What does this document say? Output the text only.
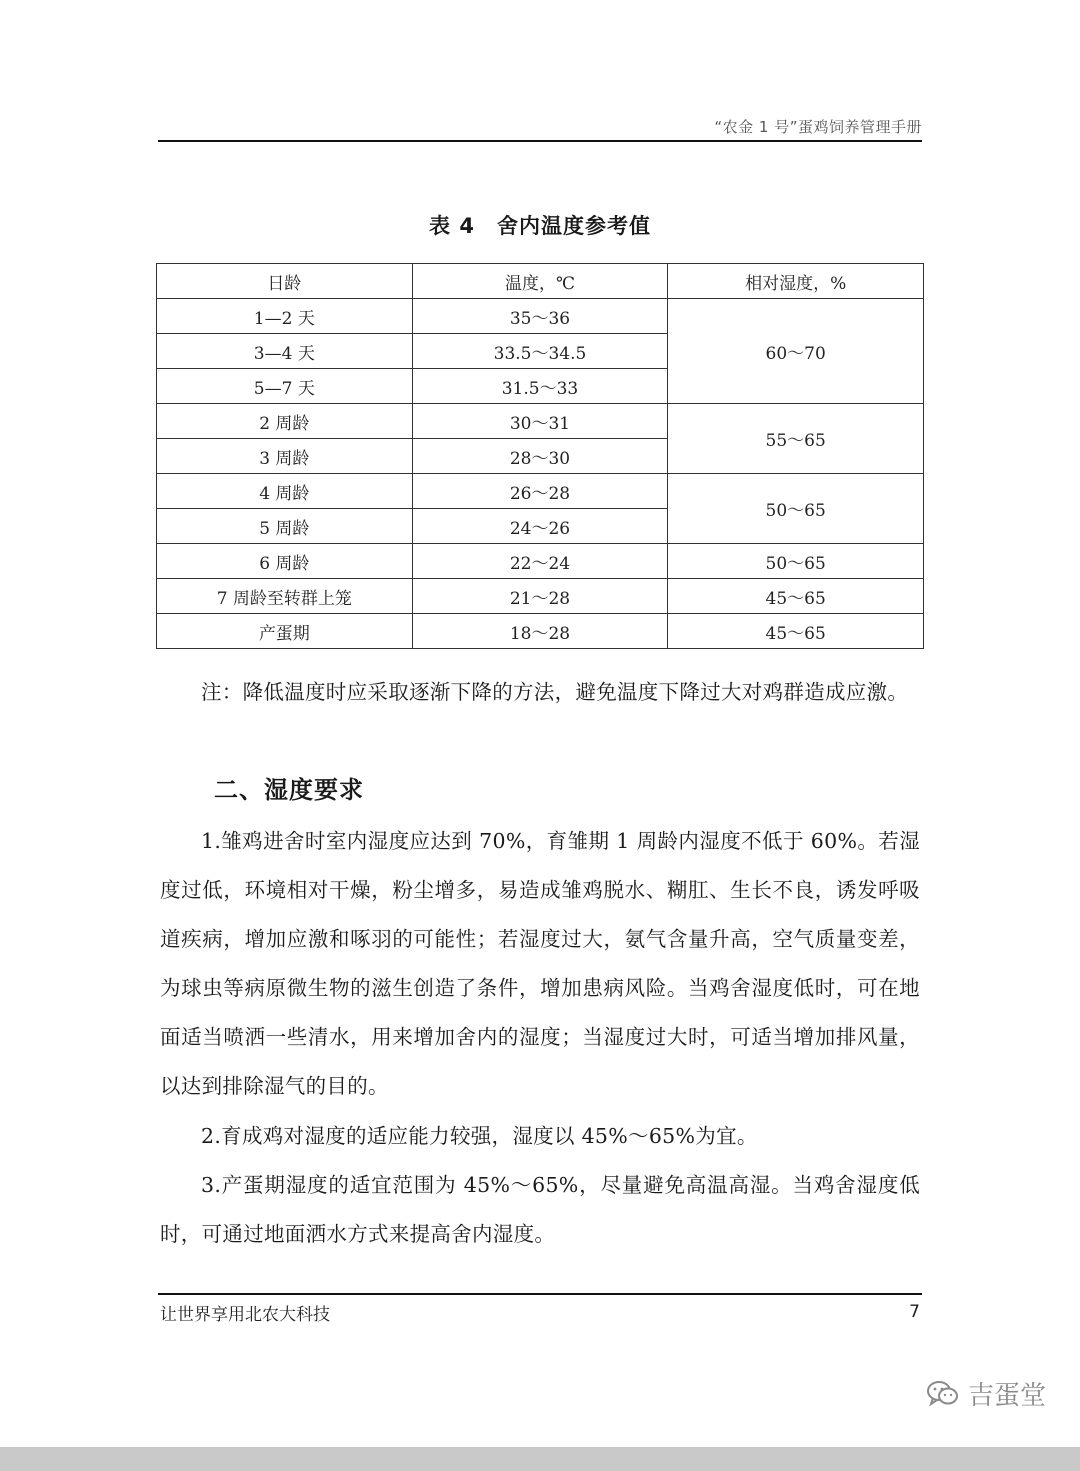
“农金 1 号”蛋鸡饲养管理手册
表 4 舍内温度参考值
日龄	温度，℃	相对湿度，%
1—2 天	35～36	60～70
3—4 天	33.5～34.5	
5—7 天	31.5～33	
2 周龄	30～31	55～65
3 周龄	28～30	
4 周龄	26～28	50～65
5 周龄	24～26	
6 周龄	22～24	50～65
7 周龄至转群上笼	21～28	45～65
产蛋期	18～28	45～65

注：降低温度时应采取逐渐下降的方法，避免温度下降过大对鸡群造成应激。

二、湿度要求

1.雏鸡进舍时室内湿度应达到 70%，育雏期 1 周龄内湿度不低于 60%。若湿度过低，环境相对干燥，粉尘增多，易造成雏鸡脱水、糊肛、生长不良，诱发呼吸道疾病，增加应激和啄羽的可能性；若湿度过大，氨气含量升高，空气质量变差，为球虫等病原微生物的滋生创造了条件，增加患病风险。当鸡舍湿度低时，可在地面适当喷洒一些清水，用来增加舍内的湿度；当湿度过大时，可适当增加排风量，以达到排除湿气的目的。

2.育成鸡对湿度的适应能力较强，湿度以 45%～65%为宜。

3.产蛋期湿度的适宜范围为 45%～65%，尽量避免高温高湿。当鸡舍湿度低时，可通过地面洒水方式来提高舍内湿度。

让世界享用北农大科技	7
吉蛋堂
